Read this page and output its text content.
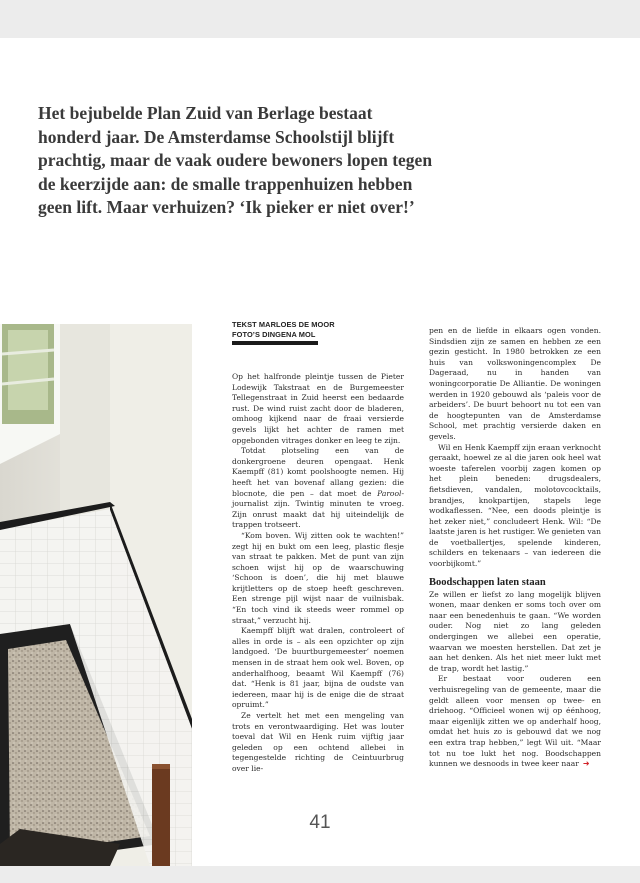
Het bejubelde Plan Zuid van Berlage bestaat honderd jaar. De Amsterdamse Schoolstijl blijft prachtig, maar de vaak oudere bewoners lopen tegen de keerzijde aan: de smalle trappenhuizen hebben geen lift. Maar verhuizen? ‘Ik pieker er niet over!’

TEKST MARLOES DE MOOR
FOTO’S DINGENA MOL

Op het halfronde pleintje tussen de Pieter Lodewijk Takstraat en de Burgemeester Tellegenstraat in Zuid heerst een bedaarde rust. De wind ruist zacht door de bladeren, omhoog kijkend naar de fraai versierde gevels lijkt het achter de ramen met opgebonden vitrages donker en leeg te zijn.

Totdat plotseling een van de donkergroene deuren opengaat. Henk Kaempff (81) komt poolshoogte nemen. Hij heeft het van bovenaf allang gezien: die blocnote, die pen – dat moet de Parool-journalist zijn. Twintig minuten te vroeg. Zijn onrust maakt dat hij uiteindelijk de trappen trotseert.

“Kom boven. Wij zitten ook te wachten!” zegt hij en bukt om een leeg, plastic flesje van straat te pakken. Met de punt van zijn schoen wijst hij op de waarschuwing ‘Schoon is doen’, die hij met blauwe krijtletters op de stoep heeft geschreven. Een strenge pijl wijst naar de vuilnisbak. “En toch vind ik steeds weer rommel op straat,” verzucht hij.

Kaempff blijft wat dralen, controleert of alles in orde is – als een opzichter op zijn landgoed. ‘De buurtburgemeester’ noemen mensen in de straat hem ook wel. Boven, op anderhalfhoog, beaamt Wil Kaempff (76) dat. “Henk is 81 jaar, bijna de oudste van iedereen, maar hij is de enige die de straat opruimt.”

Ze vertelt het met een mengeling van trots en verontwaardiging. Het was louter toeval dat Wil en Henk ruim vijftig jaar geleden op een ochtend allebei in tegengestelde richting de Ceintuurbrug over lie-

pen en de liefde in elkaars ogen vonden. Sindsdien zijn ze samen en hebben ze een gezin gesticht. In 1980 betrokken ze een huis van volkswoningencomplex De Dageraad, nu in handen van woningcorporatie De Alliantie. De woningen werden in 1920 gebouwd als ‘paleis voor de arbeiders’. De buurt behoort nu tot een van de hoogtepunten van de Amsterdamse School, met prachtig versierde daken en gevels.

Wil en Henk Kaempff zijn eraan verknocht geraakt, hoewel ze al die jaren ook heel wat woeste taferelen voorbij zagen komen op het plein beneden: drugsdealers, fietsdieven, vandalen, molotovcocktails, brandjes, knokpartijen, stapels lege wodkaflessen. “Nee, een doods pleintje is het zeker niet,” concludeert Henk. Wil: “De laatste jaren is het rustiger. We genieten van de voetballertjes, spelende kinderen, schilders en tekenaars – van iedereen die voorbijkomt.”

Boodschappen laten staan

Ze willen er liefst zo lang mogelijk blijven wonen, maar denken er soms toch over om naar een benedenhuis te gaan. “We worden ouder. Nog niet zo lang geleden ondergingen we allebei een operatie, waarvan we moesten herstellen. Dat zet je aan het denken. Als het niet meer lukt met de trap, wordt het lastig.”

Er bestaat voor ouderen een verhuisregeling van de gemeente, maar die geldt alleen voor mensen op twee- en driehoog. “Officieel wonen wij op éénhoog, maar eigenlijk zitten we op anderhalf hoog, omdat het huis zo is gebouwd dat we nog een extra trap hebben,” legt Wil uit. “Maar tot nu toe lukt het nog. Boodschappen kunnen we desnoods in twee keer naar ➜

41
